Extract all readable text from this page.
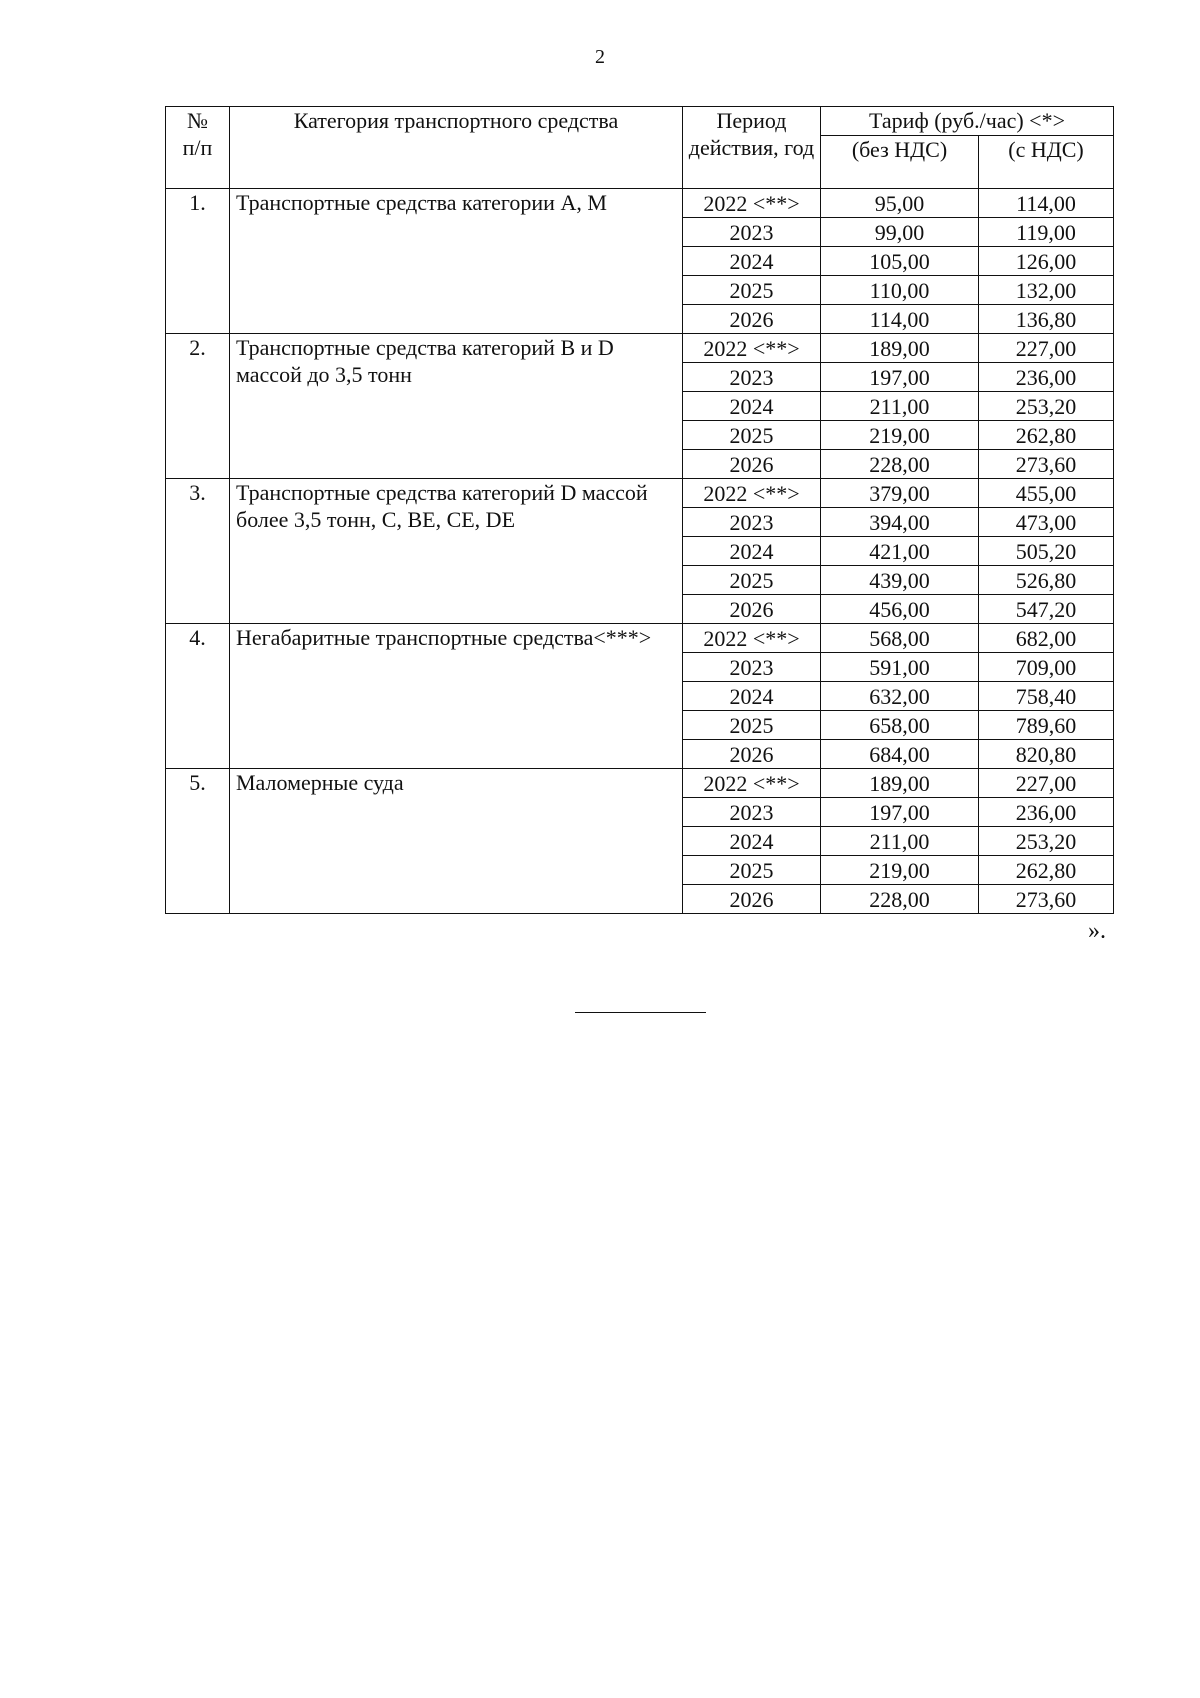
2
№ п/п	Категория транспортного средства	Период действия, год	Тариф (руб./час) <*>	
			(без НДС)	(с НДС)
1.	Транспортные средства категории А, М	2022 <**>	95,00	114,00
		2023	99,00	119,00
		2024	105,00	126,00
		2025	110,00	132,00
		2026	114,00	136,80
2.	Транспортные средства категорий B и D массой до 3,5 тонн	2022 <**>	189,00	227,00
		2023	197,00	236,00
		2024	211,00	253,20
		2025	219,00	262,80
		2026	228,00	273,60
3.	Транспортные средства категорий D массой более 3,5 тонн, C, BE, CE, DE	2022 <**>	379,00	455,00
		2023	394,00	473,00
		2024	421,00	505,20
		2025	439,00	526,80
		2026	456,00	547,20
4.	Негабаритные транспортные средства<***>	2022 <**>	568,00	682,00
		2023	591,00	709,00
		2024	632,00	758,40
		2025	658,00	789,60
		2026	684,00	820,80
5.	Маломерные суда	2022 <**>	189,00	227,00
		2023	197,00	236,00
		2024	211,00	253,20
		2025	219,00	262,80
		2026	228,00	273,60
».
